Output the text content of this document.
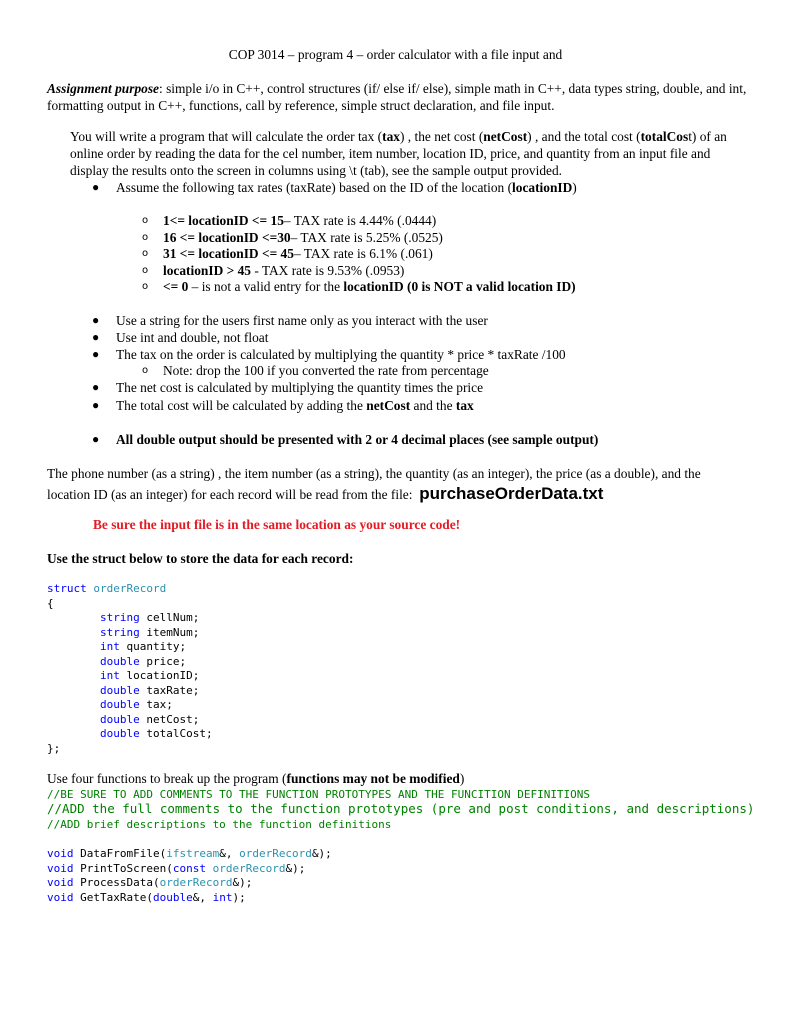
COP 3014 – program 4 – order calculator with a file input and
Assignment purpose: simple i/o in C++, control structures (if/ else if/ else), simple math in C++, data types string, double, and int, formatting output in C++, functions, call by reference, simple struct declaration, and file input.
You will write a program that will calculate the order tax (tax) , the net cost (netCost) , and the total cost (totalCost) of an online order by reading the data for the cel number, item number, location ID, price, and quantity from an input file and display the results onto the screen in columns using \t (tab), see the sample output provided.
● Assume the following tax rates (taxRate) based on the ID of the location (locationID)
o 1<= locationID <= 15– TAX rate is 4.44% (.0444)
o 16 <= locationID <=30– TAX rate is 5.25% (.0525)
o 31 <= locationID <= 45– TAX rate is 6.1% (.061)
o locationID > 45 - TAX rate is 9.53% (.0953)
o <= 0 – is not a valid entry for the locationID (0 is NOT a valid location ID)
● Use a string for the users first name only as you interact with the user
● Use int and double, not float
● The tax on the order is calculated by multiplying the quantity * price * taxRate /100
o Note: drop the 100 if you converted the rate from percentage
● The net cost is calculated by multiplying the quantity times the price
● The total cost will be calculated by adding the netCost and the tax
● All double output should be presented with 2 or 4 decimal places (see sample output)
The phone number (as a string) , the item number (as a string), the quantity (as an integer), the price (as a double), and the
location ID (as an integer) for each record will be read from the file: purchaseOrderData.txt
Be sure the input file is in the same location as your source code!
Use the struct below to store the data for each record:
struct orderRecord
{
string cellNum;
string itemNum;
int quantity;
double price;
int locationID;
double taxRate;
double tax;
double netCost;
double totalCost;
};
Use four functions to break up the program (functions may not be modified)
//BE SURE TO ADD COMMENTS TO THE FUNCTION PROTOTYPES AND THE FUNCITION DEFINITIONS
//ADD the full comments to the function prototypes (pre and post conditions, and descriptions)
//ADD brief descriptions to the function definitions
void DataFromFile(ifstream&, orderRecord&);
void PrintToScreen(const orderRecord&);
void ProcessData(orderRecord&);
void GetTaxRate(double&, int);
